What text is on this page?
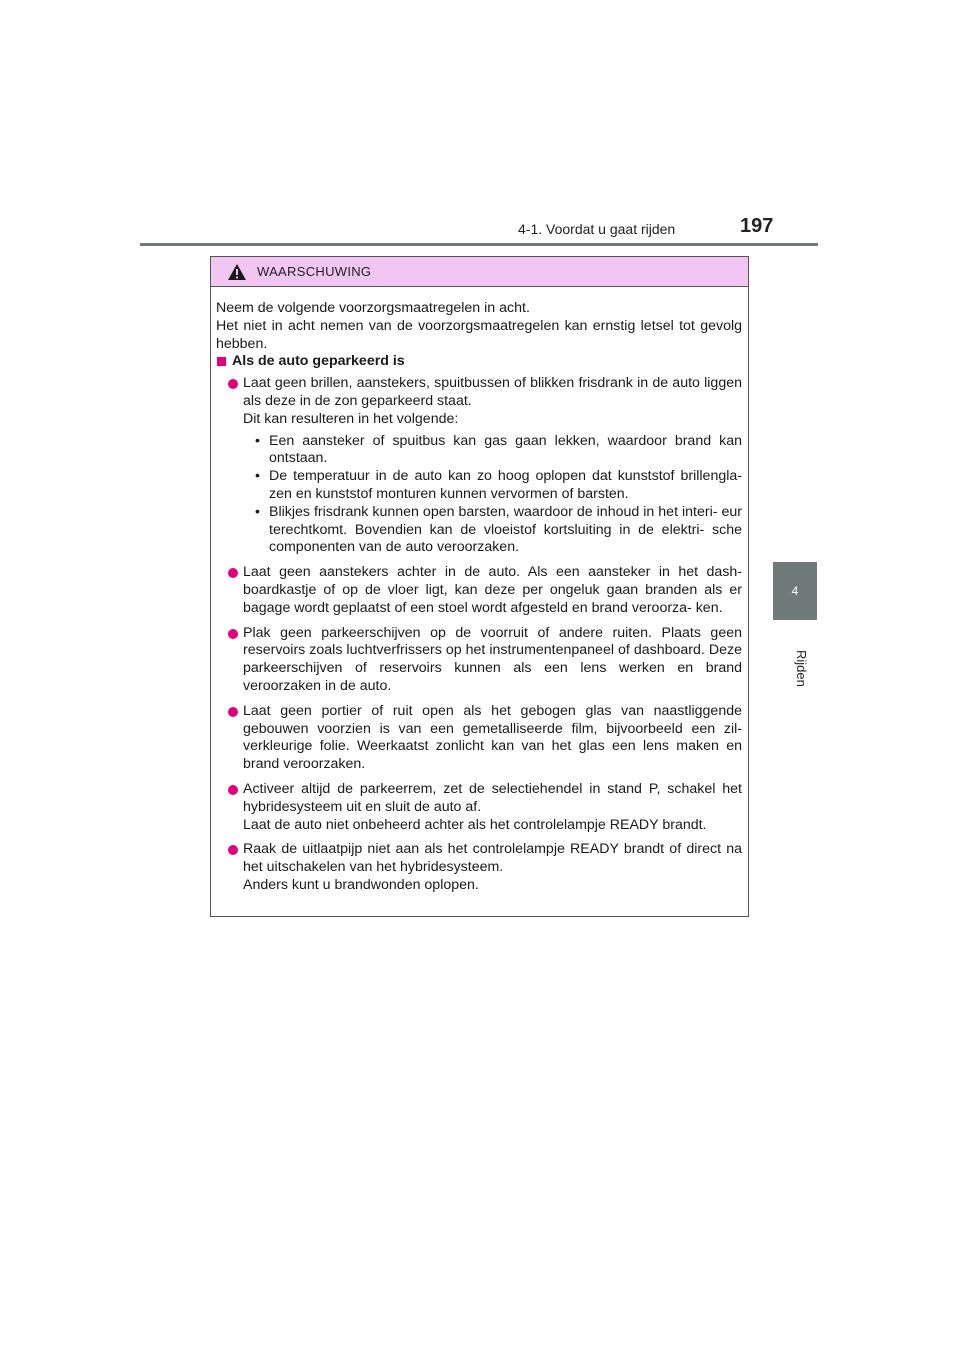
4-1. Voordat u gaat rijden	197
4
Rijden
WAARSCHUWING

Neem de volgende voorzorgsmaatregelen in acht.

Het niet in acht nemen van de voorzorgsmaatregelen kan ernstig letsel tot gevolg hebben.

Als de auto geparkeerd is

Laat geen brillen, aanstekers, spuitbussen of blikken frisdrank in de auto liggen als deze in de zon geparkeerd staat.

Dit kan resulteren in het volgende:

• Een aansteker of spuitbus kan gas gaan lekken, waardoor brand kan ontstaan.
• De temperatuur in de auto kan zo hoog oplopen dat kunststof brillengla- zen en kunststof monturen kunnen vervormen of barsten.
• Blikjes frisdrank kunnen open barsten, waardoor de inhoud in het interi- eur terechtkomt. Bovendien kan de vloeistof kortsluiting in de elektri- sche componenten van de auto veroorzaken.

Laat geen aanstekers achter in de auto. Als een aansteker in het dash- boardkastje of op de vloer ligt, kan deze per ongeluk gaan branden als er bagage wordt geplaatst of een stoel wordt afgesteld en brand veroorza- ken.

Plak geen parkeerschijven op de voorruit of andere ruiten. Plaats geen reservoirs zoals luchtverfrissers op het instrumentenpaneel of dashboard. Deze parkeerschijven of reservoirs kunnen als een lens werken en brand veroorzaken in de auto.

Laat geen portier of ruit open als het gebogen glas van naastliggende gebouwen voorzien is van een gemetalliseerde film, bijvoorbeeld een zil- verkleurige folie. Weerkaatst zonlicht kan van het glas een lens maken en brand veroorzaken.

Activeer altijd de parkeerrem, zet de selectiehendel in stand P, schakel het hybridesysteem uit en sluit de auto af.

Laat de auto niet onbeheerd achter als het controlelampje READY brandt.

Raak de uitlaatpijp niet aan als het controlelampje READY brandt of direct na het uitschakelen van het hybridesysteem.

Anders kunt u brandwonden oplopen.
